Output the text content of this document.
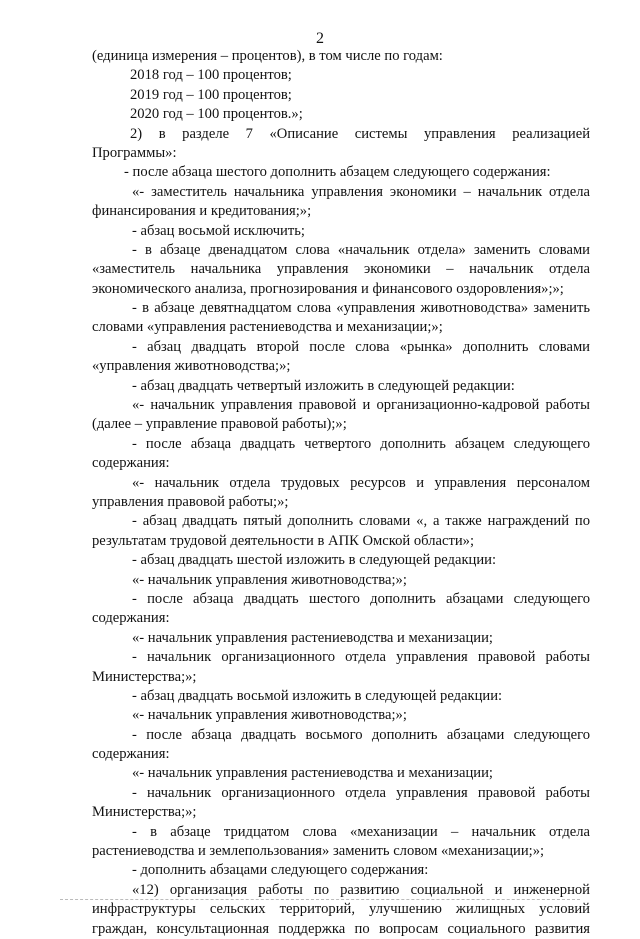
2
(единица измерения – процентов), в том числе по годам:
2018 год – 100 процентов;
2019 год – 100 процентов;
2020 год – 100 процентов.»;
2) в разделе 7 «Описание системы управления реализацией
Программы»:
- после абзаца шестого дополнить абзацем следующего содержания:
«- заместитель начальника управления экономики – начальник отдела
финансирования и кредитования;»;
- абзац восьмой исключить;
- в абзаце двенадцатом слова «начальник отдела» заменить словами
«заместитель начальника управления экономики – начальник отдела
экономического анализа, прогнозирования и финансового оздоровления»;»;
- в абзаце девятнадцатом слова «управления животноводства» заменить
словами «управления растениеводства и механизации;»;
- абзац двадцать второй после слова «рынка» дополнить словами
«управления животноводства;»;
- абзац двадцать четвертый изложить в следующей редакции:
«- начальник управления правовой и организационно-кадровой работы
(далее – управление правовой работы);»;
- после абзаца двадцать четвертого дополнить абзацем следующего
содержания:
«- начальник отдела трудовых ресурсов и управления персоналом
управления правовой работы;»;
- абзац двадцать пятый дополнить словами «, а также награждений по
результатам трудовой деятельности в АПК Омской области»;
- абзац двадцать шестой изложить в следующей редакции:
«- начальник управления животноводства;»;
- после абзаца двадцать шестого дополнить абзацами следующего
содержания:
«- начальник управления растениеводства и механизации;
- начальник организационного отдела управления правовой работы
Министерства;»;
- абзац двадцать восьмой изложить в следующей редакции:
«- начальник управления животноводства;»;
- после абзаца двадцать восьмого дополнить абзацами следующего
содержания:
«- начальник управления растениеводства и механизации;
- начальник организационного отдела управления правовой работы
Министерства;»;
- в абзаце тридцатом слова «механизации – начальник отдела
растениеводства и землепользования» заменить словом «механизации;»;
- дополнить абзацами следующего содержания:
«12) организация работы по развитию социальной и инженерной
инфраструктуры сельских территорий, улучшению жилищных условий
граждан, консультационная поддержка по вопросам социального развития
